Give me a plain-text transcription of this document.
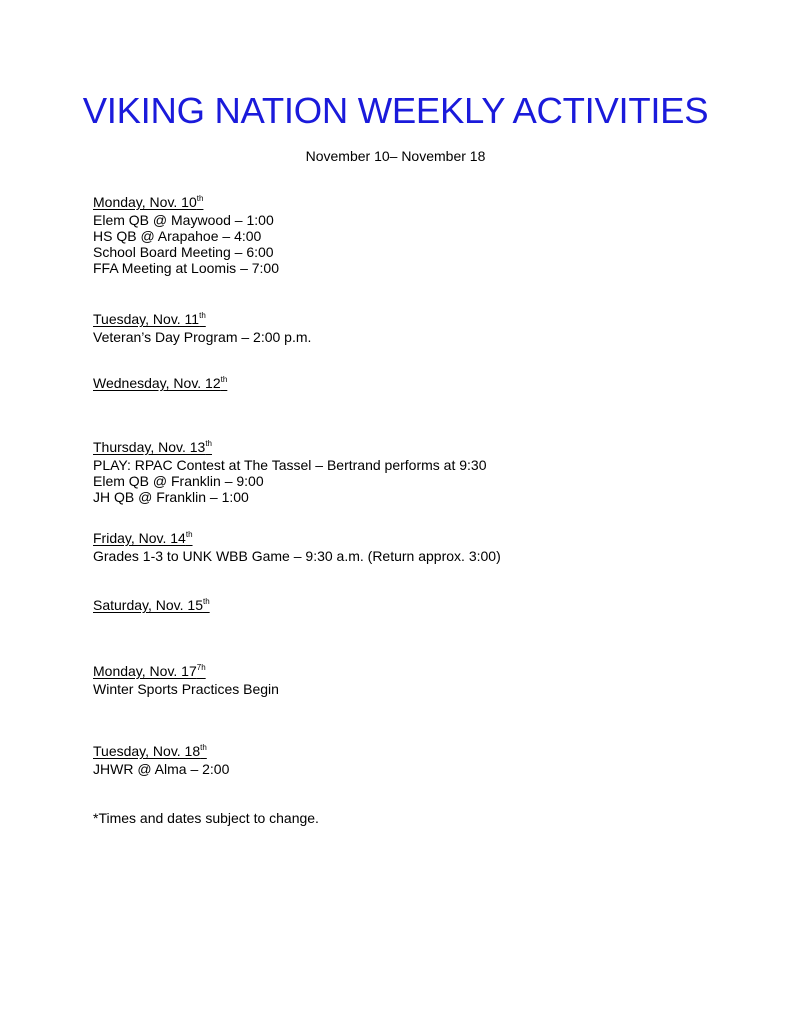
VIKING NATION WEEKLY ACTIVITIES

November 10– November 18

Monday, Nov. 10th
Elem QB @ Maywood – 1:00
HS QB @ Arapahoe – 4:00
School Board Meeting – 6:00
FFA Meeting at Loomis – 7:00
Tuesday, Nov. 11th
Veteran’s Day Program – 2:00 p.m.
Wednesday, Nov. 12th
Thursday, Nov. 13th
PLAY: RPAC Contest at The Tassel – Bertrand performs at 9:30
Elem QB @ Franklin – 9:00
JH QB @ Franklin – 1:00
Friday, Nov. 14th
Grades 1-3 to UNK WBB Game – 9:30 a.m. (Return approx. 3:00)
Saturday, Nov. 15th
Monday, Nov. $17^{7h}$
Winter Sports Practices Begin
Tuesday, Nov. 18th
JHWR @ Alma – 2:00

*Times and dates subject to change.
